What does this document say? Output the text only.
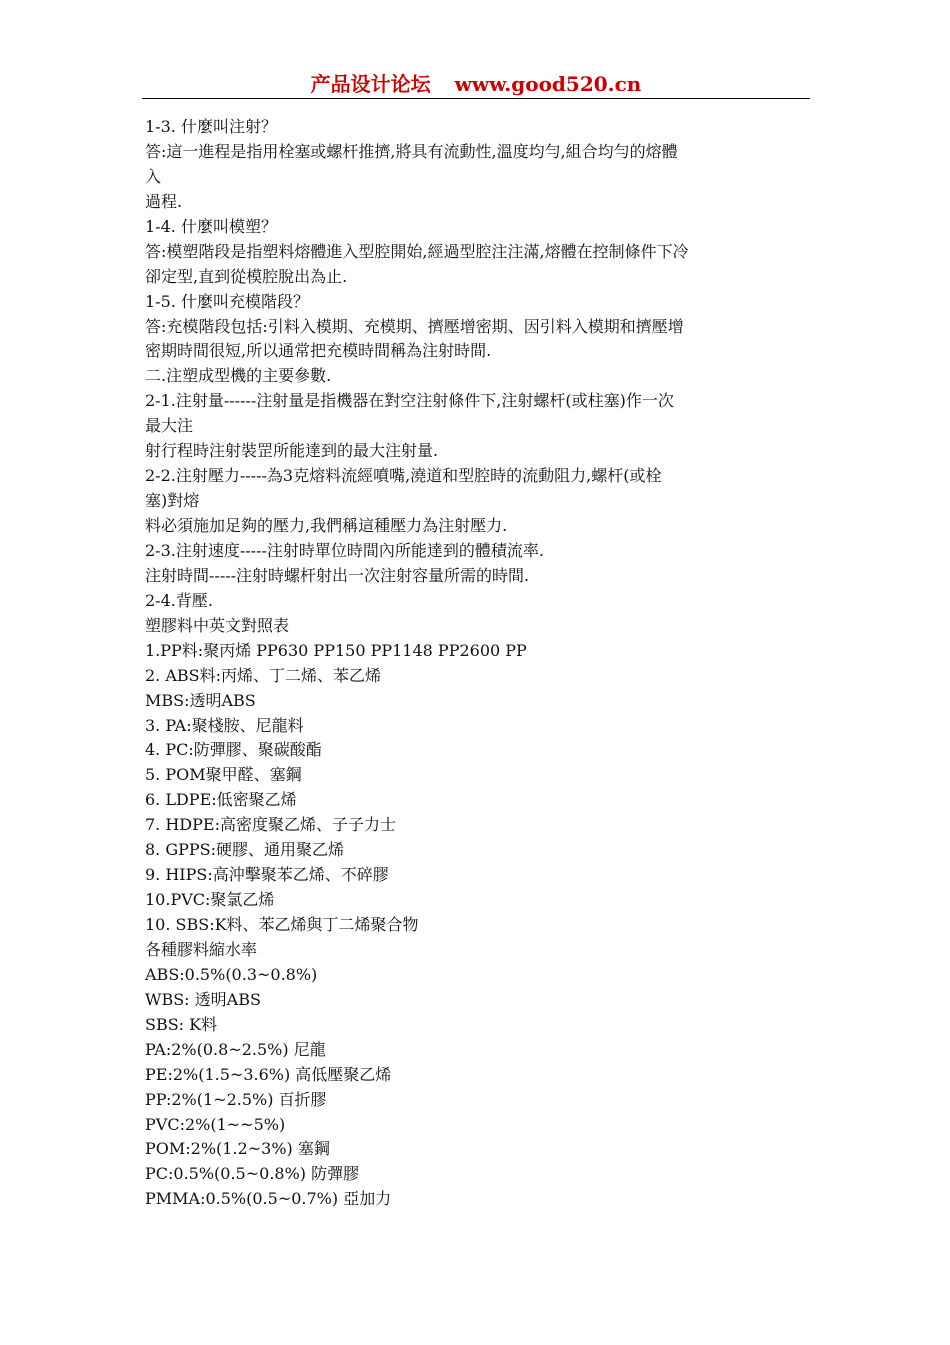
产品设计论坛 www.good520.cn
1-3. 什麼叫注射？
答:這一進程是指用栓塞或螺杆推擠,將具有流動性,溫度均勻,組合均勻的熔體
入
過程.
1-4. 什麼叫模塑？
答:模塑階段是指塑料熔體進入型腔開始,經過型腔注注滿,熔體在控制條件下冷
卻定型,直到從模腔脫出為止.
1-5. 什麼叫充模階段？
答:充模階段包括:引料入模期、充模期、擠壓增密期、因引料入模期和擠壓增
密期時間很短,所以通常把充模時間稱為注射時間.
二.注塑成型機的主要參數.
2-1.注射量------注射量是指機器在對空注射條件下,注射螺杆(或柱塞)作一次
最大注
射行程時注射裝罡所能達到的最大注射量.
2-2.注射壓力-----為3克熔料流經噴嘴,澆道和型腔時的流動阻力,螺杆(或栓
塞)對熔
料必須施加足夠的壓力,我們稱這種壓力為注射壓力.
2-3.注射速度-----注射時單位時間內所能達到的體積流率.
注射時間-----注射時螺杆射出一次注射容量所需的時間.
2-4.背壓.
塑膠料中英文對照表
1.PP料:聚丙烯 PP630 PP150 PP1148 PP2600 PP
2. ABS料:丙烯、丁二烯、苯乙烯
MBS:透明ABS
3. PA:聚棧胺、尼龍料
4. PC:防彈膠、聚碳酸酯
5. POM聚甲醛、塞鋼
6. LDPE:低密聚乙烯
7. HDPE:高密度聚乙烯、子子力士
8. GPPS:硬膠、通用聚乙烯
9. HIPS:高沖擊聚苯乙烯、不碎膠
10.PVC:聚氯乙烯
10. SBS:K料、苯乙烯與丁二烯聚合物
各種膠料縮水率
ABS:0.5%(0.3~0.8%)
WBS: 透明ABS
SBS: K料
PA:2%(0.8~2.5%) 尼龍
PE:2%(1.5~3.6%) 高低壓聚乙烯
PP:2%(1~2.5%) 百折膠
PVC:2%(1~~5%)
POM:2%(1.2~3%) 塞鋼
PC:0.5%(0.5~0.8%) 防彈膠
PMMA:0.5%(0.5~0.7%) 亞加力
